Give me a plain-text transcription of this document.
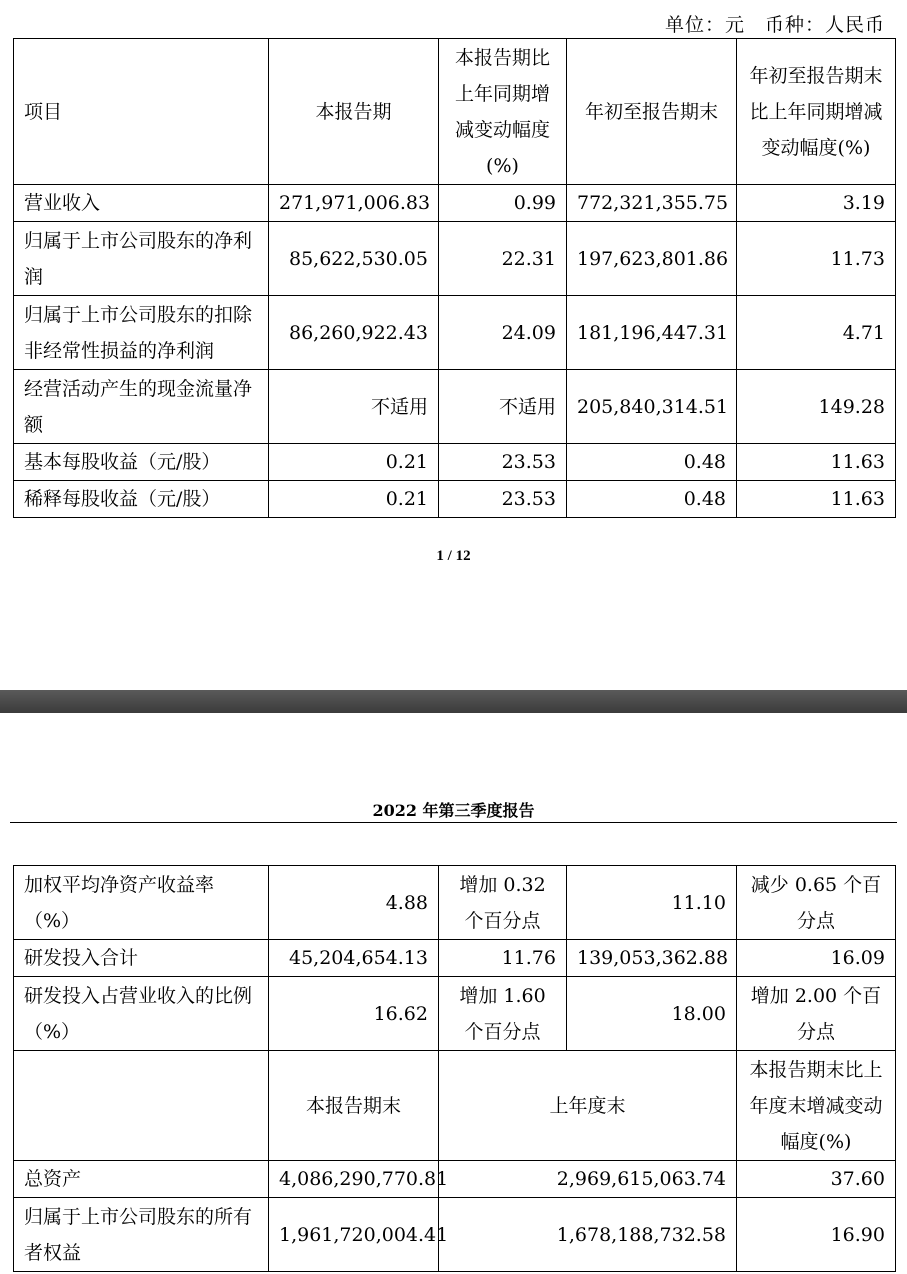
单位：元　币种：人民币
项目	本报告期	本报告期比上年同期增减变动幅度(%)	年初至报告期末	年初至报告期末比上年同期增减变动幅度(%)
营业收入	271,971,006.83	0.99	772,321,355.75	3.19
归属于上市公司股东的净利润	85,622,530.05	22.31	197,623,801.86	11.73
归属于上市公司股东的扣除非经常性损益的净利润	86,260,922.43	24.09	181,196,447.31	4.71
经营活动产生的现金流量净额	不适用	不适用	205,840,314.51	149.28
基本每股收益（元/股）	0.21	23.53	0.48	11.63
稀释每股收益（元/股）	0.21	23.53	0.48	11.63
1 / 12
2022 年第三季度报告
加权平均净资产收益率（%）	4.88	增加 0.32 个百分点	11.10	减少 0.65 个百分点
研发投入合计	45,204,654.13	11.76	139,053,362.88	16.09
研发投入占营业收入的比例（%）	16.62	增加 1.60 个百分点	18.00	增加 2.00 个百分点
	本报告期末	上年度末		本报告期末比上年度末增减变动幅度(%)
总资产	4,086,290,770.81	2,969,615,063.74		37.60
归属于上市公司股东的所有者权益	1,961,720,004.41	1,678,188,732.58		16.90
